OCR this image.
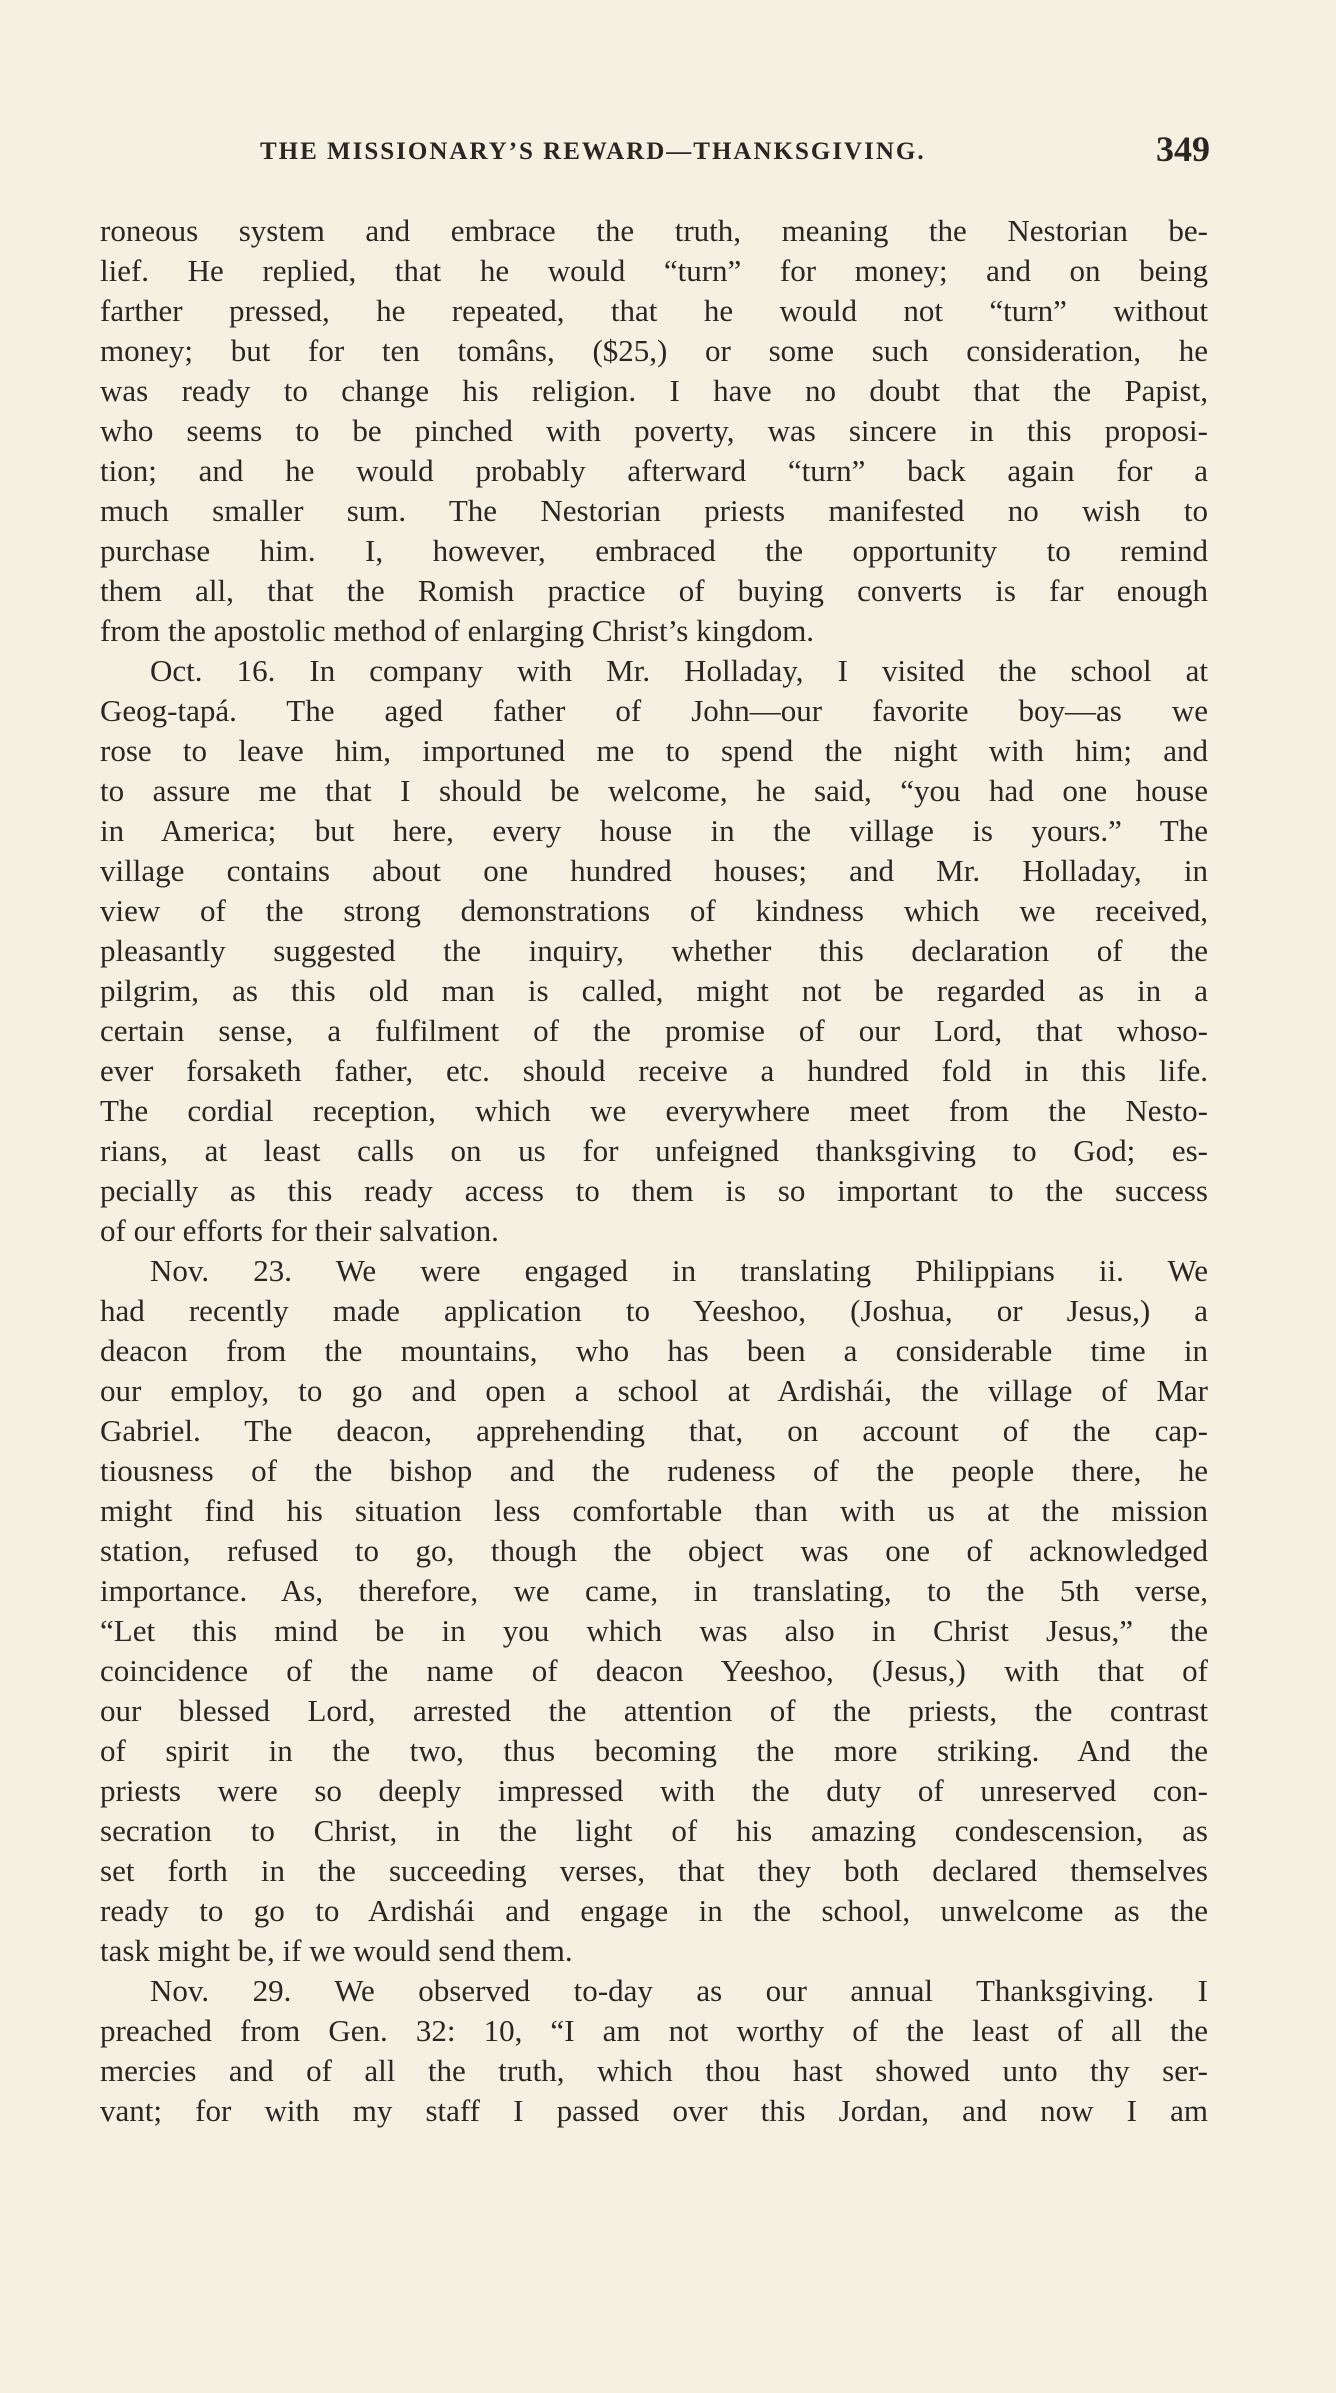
THE MISSIONARY’S REWARD—THANKSGIVING.	349
roneous system and embrace the truth, meaning the Nestorian be-
lief. He replied, that he would “turn” for money; and on being
farther pressed, he repeated, that he would not “turn” without
money; but for ten tomâns, ($25,) or some such consideration, he
was ready to change his religion. I have no doubt that the Papist,
who seems to be pinched with poverty, was sincere in this proposi-
tion; and he would probably afterward “turn” back again for a
much smaller sum. The Nestorian priests manifested no wish to
purchase him. I, however, embraced the opportunity to remind
them all, that the Romish practice of buying converts is far enough
from the apostolic method of enlarging Christ’s kingdom.
Oct. 16. In company with Mr. Holladay, I visited the school at
Geog-tapá. The aged father of John—our favorite boy—as we
rose to leave him, importuned me to spend the night with him; and
to assure me that I should be welcome, he said, “you had one house
in America; but here, every house in the village is yours.” The
village contains about one hundred houses; and Mr. Holladay, in
view of the strong demonstrations of kindness which we received,
pleasantly suggested the inquiry, whether this declaration of the
pilgrim, as this old man is called, might not be regarded as in a
certain sense, a fulfilment of the promise of our Lord, that whoso-
ever forsaketh father, etc. should receive a hundred fold in this life.
The cordial reception, which we everywhere meet from the Nesto-
rians, at least calls on us for unfeigned thanksgiving to God; es-
pecially as this ready access to them is so important to the success
of our efforts for their salvation.
Nov. 23. We were engaged in translating Philippians ii. We
had recently made application to Yeeshoo, (Joshua, or Jesus,) a
deacon from the mountains, who has been a considerable time in
our employ, to go and open a school at Ardishái, the village of Mar
Gabriel. The deacon, apprehending that, on account of the cap-
tiousness of the bishop and the rudeness of the people there, he
might find his situation less comfortable than with us at the mission
station, refused to go, though the object was one of acknowledged
importance. As, therefore, we came, in translating, to the 5th verse,
“Let this mind be in you which was also in Christ Jesus,” the
coincidence of the name of deacon Yeeshoo, (Jesus,) with that of
our blessed Lord, arrested the attention of the priests, the contrast
of spirit in the two, thus becoming the more striking. And the
priests were so deeply impressed with the duty of unreserved con-
secration to Christ, in the light of his amazing condescension, as
set forth in the succeeding verses, that they both declared themselves
ready to go to Ardishái and engage in the school, unwelcome as the
task might be, if we would send them.
Nov. 29. We observed to-day as our annual Thanksgiving. I
preached from Gen. 32: 10, “I am not worthy of the least of all the
mercies and of all the truth, which thou hast showed unto thy ser-
vant; for with my staff I passed over this Jordan, and now I am
